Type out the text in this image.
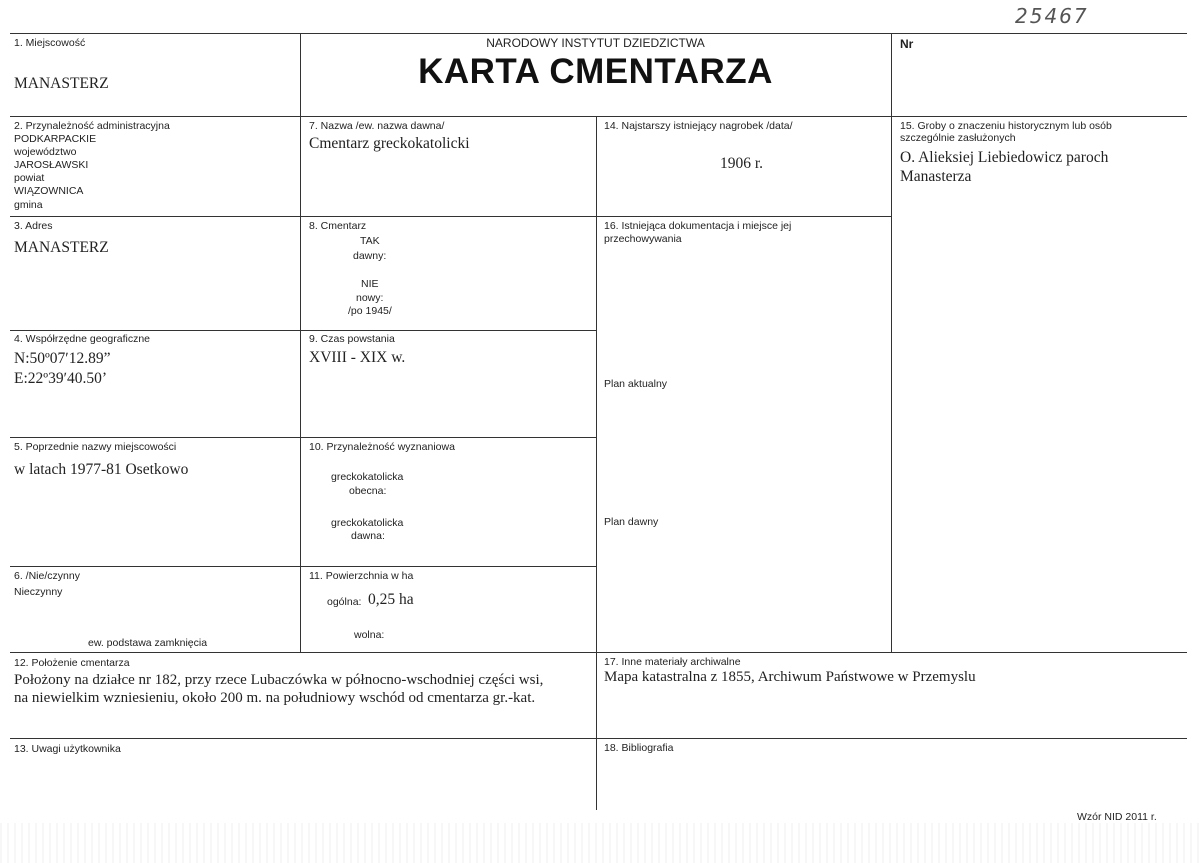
25467
1. Miejscowość
MANASTERZ
NARODOWY INSTYTUT DZIEDZICTWA
KARTA CMENTARZA
Nr
2. Przynależność administracyjna
PODKARPACKIE
województwo
JAROSŁAWSKI
powiat
WIĄZOWNICA
gmina
3. Adres
MANASTERZ
4. Współrzędne geograficzne
N:50º07ʹ12.89”
E:22º39ʹ40.50’
5. Poprzednie nazwy miejscowości
w latach 1977-81 Osetkowo
6. /Nie/czynny
Nieczynny
ew. podstawa zamknięcia
7. Nazwa /ew. nazwa dawna/
Cmentarz greckokatolicki
8. Cmentarz
TAK
dawny:
NIE
nowy:
/po 1945/
9. Czas powstania
XVIII - XIX w.
10. Przynależność wyznaniowa
greckokatolicka
obecna:
greckokatolicka
dawna:
11. Powierzchnia w ha
ogólna: 0,25 ha
wolna:
12. Położenie cmentarza
Położony na działce nr 182, przy rzece Lubaczówka w północno-wschodniej części wsi,
na niewielkim wzniesieniu, około 200 m. na południowy wschód od cmentarza gr.-kat.
13. Uwagi użytkownika
14. Najstarszy istniejący nagrobek /data/
1906 r.
15. Groby o znaczeniu historycznym lub osób
szczególnie zasłużonych
O. Alieksiej Liebiedowicz paroch
Manasterza
16. Istniejąca dokumentacja i miejsce jej
przechowywania
Plan aktualny
Plan dawny
17. Inne materiały archiwalne
Mapa katastralna z 1855, Archiwum Państwowe w Przemyslu
18. Bibliografia
Wzór NID 2011 r.
